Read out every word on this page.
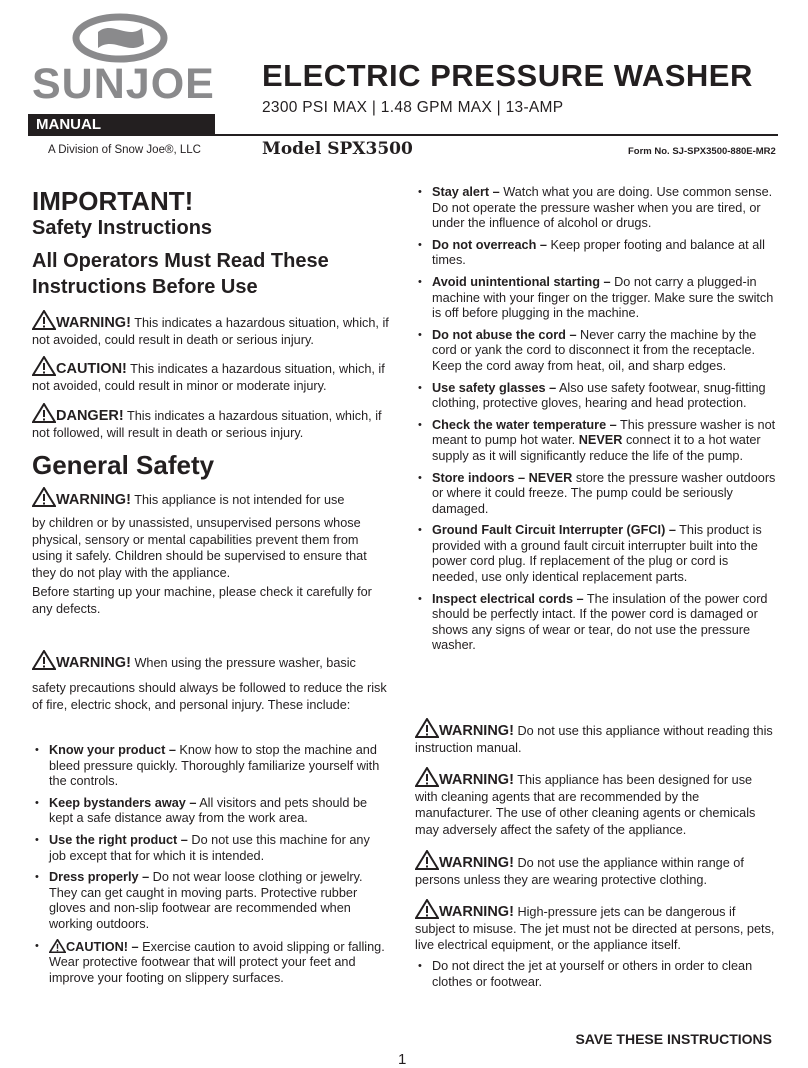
SUNJOE
MANUAL
A Division of Snow Joe®, LLC
ELECTRIC PRESSURE WASHER
2300 PSI MAX | 1.48 GPM MAX | 13-AMP
Model SPX3500	Form No. SJ-SPX3500-880E-MR2
IMPORTANT!
Safety Instructions
All Operators Must Read These
Instructions Before Use
WARNING! This indicates a hazardous situation, which, if not avoided, could result in death or serious injury.
CAUTION! This indicates a hazardous situation, which, if not avoided, could result in minor or moderate injury.
DANGER! This indicates a hazardous situation, which, if not followed, will result in death or serious injury.
General Safety
WARNING! This appliance is not intended for use
by children or by unassisted, unsupervised persons whose physical, sensory or mental capabilities prevent them from using it safely. Children should be supervised to ensure that they do not play with the appliance.
Before starting up your machine, please check it carefully for any defects.
WARNING! When using the pressure washer, basic
safety precautions should always be followed to reduce the risk of fire, electric shock, and personal injury. These include:
• Know your product – Know how to stop the machine and bleed pressure quickly. Thoroughly familiarize yourself with the controls.
• Keep bystanders away – All visitors and pets should be kept a safe distance away from the work area.
• Use the right product – Do not use this machine for any job except that for which it is intended.
• Dress properly – Do not wear loose clothing or jewelry. They can get caught in moving parts. Protective rubber gloves and non-slip footwear are recommended when working outdoors.
• CAUTION! – Exercise caution to avoid slipping or falling. Wear protective footwear that will protect your feet and improve your footing on slippery surfaces.
• Stay alert – Watch what you are doing. Use common sense. Do not operate the pressure washer when you are tired, or under the influence of alcohol or drugs.
• Do not overreach – Keep proper footing and balance at all times.
• Avoid unintentional starting – Do not carry a plugged-in machine with your finger on the trigger. Make sure the switch is off before plugging in the machine.
• Do not abuse the cord – Never carry the machine by the cord or yank the cord to disconnect it from the receptacle. Keep the cord away from heat, oil, and sharp edges.
• Use safety glasses – Also use safety footwear, snug-fitting clothing, protective gloves, hearing and head protection.
• Check the water temperature – This pressure washer is not meant to pump hot water. NEVER connect it to a hot water supply as it will significantly reduce the life of the pump.
• Store indoors – NEVER store the pressure washer outdoors or where it could freeze. The pump could be seriously damaged.
• Ground Fault Circuit Interrupter (GFCI) – This product is provided with a ground fault circuit interrupter built into the power cord plug. If replacement of the plug or cord is needed, use only identical replacement parts.
• Inspect electrical cords – The insulation of the power cord should be perfectly intact. If the power cord is damaged or shows any signs of wear or tear, do not use the pressure washer.
WARNING! Do not use this appliance without reading this instruction manual.
WARNING! This appliance has been designed for use with cleaning agents that are recommended by the manufacturer. The use of other cleaning agents or chemicals may adversely affect the safety of the appliance.
WARNING! Do not use the appliance within range of persons unless they are wearing protective clothing.
WARNING! High-pressure jets can be dangerous if subject to misuse. The jet must not be directed at persons, pets, live electrical equipment, or the appliance itself.
• Do not direct the jet at yourself or others in order to clean clothes or footwear.
SAVE THESE INSTRUCTIONS
1
